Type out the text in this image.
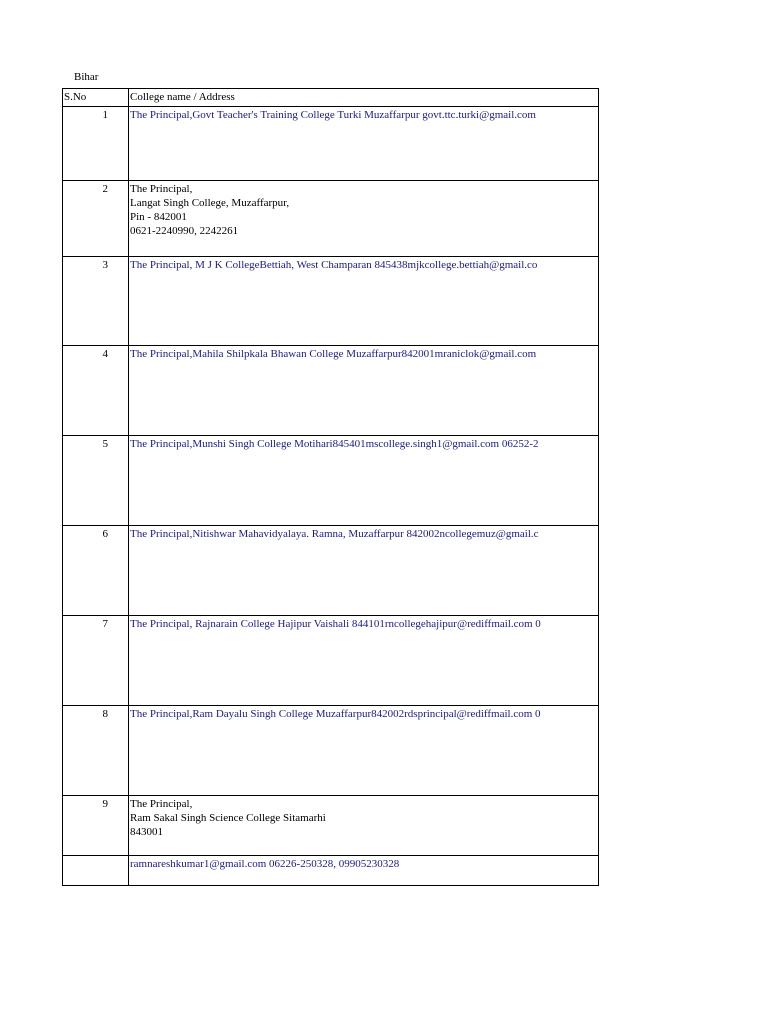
Bihar
S.No	College name / Address
1	The Principal,Govt Teacher's Training College Turki Muzaffarpur govt.ttc.turki@gmail.com
2	The Principal,
Langat Singh College, Muzaffarpur,
Pin - 842001
0621-2240990, 2242261

3	The Principal, M J K CollegeBettiah, West Champaran 845438mjkcollege.bettiah@gmail.co
4	The Principal,Mahila Shilpkala Bhawan College Muzaffarpur842001mraniclok@gmail.com
5	The Principal,Munshi Singh College Motihari845401mscollege.singh1@gmail.com 06252-2
6	The Principal,Nitishwar Mahavidyalaya. Ramna, Muzaffarpur 842002ncollegemuz@gmail.c
7	The Principal, Rajnarain College Hajipur Vaishali 844101rncollegehajipur@rediffmail.com 0
8	The Principal,Ram Dayalu Singh College Muzaffarpur842002rdsprincipal@rediffmail.com 0
9	The Principal,
Ram Sakal Singh Science College Sitamarhi
843001

	ramnareshkumar1@gmail.com 06226-250328, 09905230328
